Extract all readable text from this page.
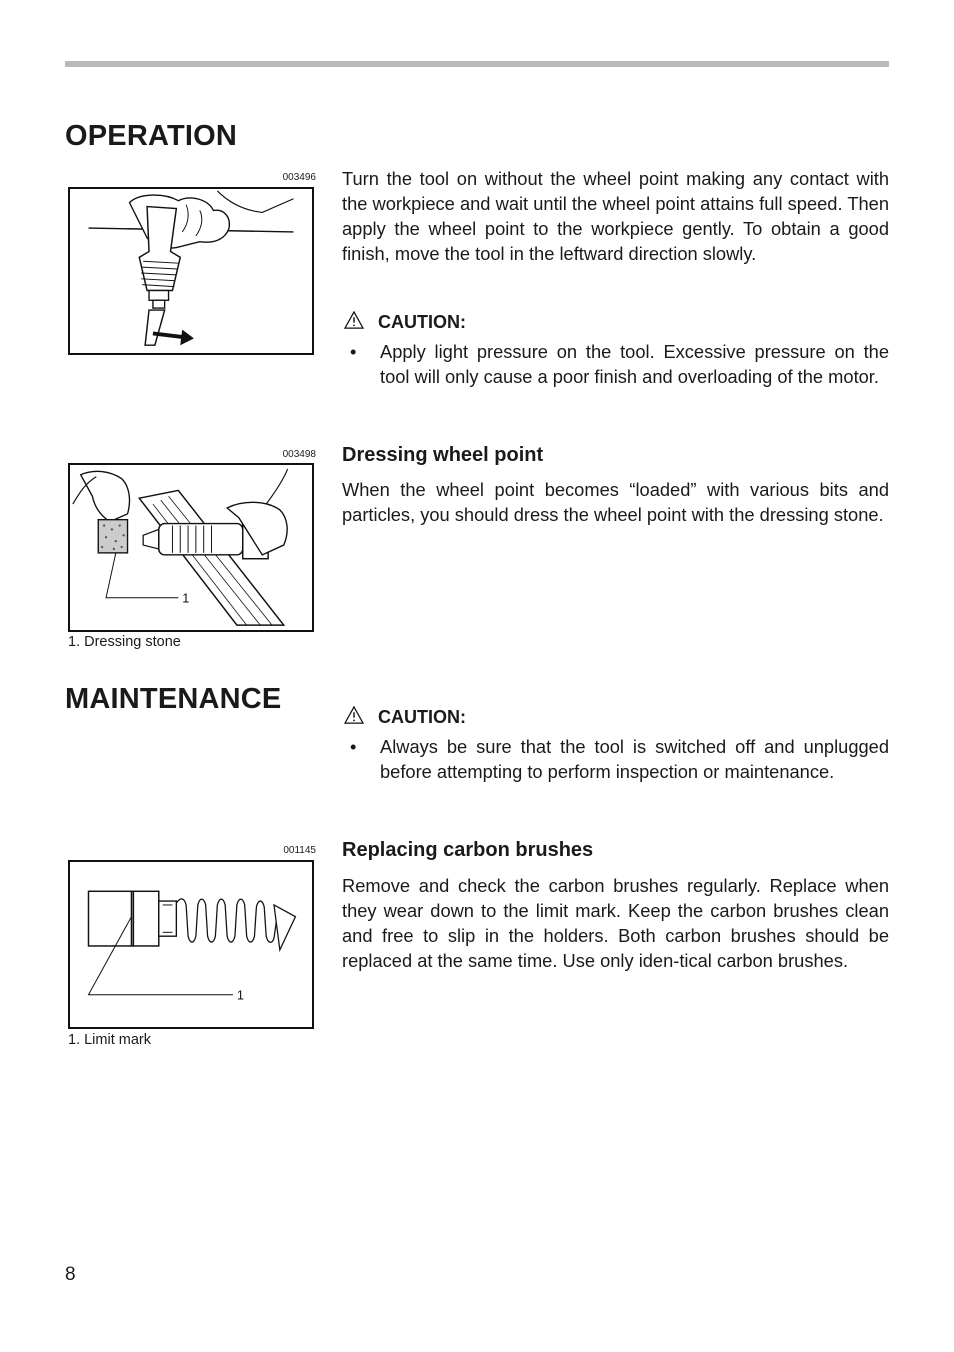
OPERATION
003496 Turn the tool on without the wheel point making any contact with the workpiece and wait until the wheel point attains full speed. Then apply the wheel point to the workpiece gently. To obtain a good finish, move the tool in the leftward direction slowly.

CAUTION:
• Apply light pressure on the tool. Excessive pressure on the tool will only cause a poor finish and overloading of the motor.
003498
1
1. Dressing stone
Dressing wheel point

When the wheel point becomes “loaded” with various bits and particles, you should dress the wheel point with the dressing stone.

MAINTENANCE
CAUTION:
• Always be sure that the tool is switched off and unplugged before attempting to perform inspection or maintenance.
001145
1
1. Limit mark
Replacing carbon brushes

Remove and check the carbon brushes regularly. Replace when they wear down to the limit mark. Keep the carbon brushes clean and free to slip in the holders. Both carbon brushes should be replaced at the same time. Use only iden-tical carbon brushes.

8
